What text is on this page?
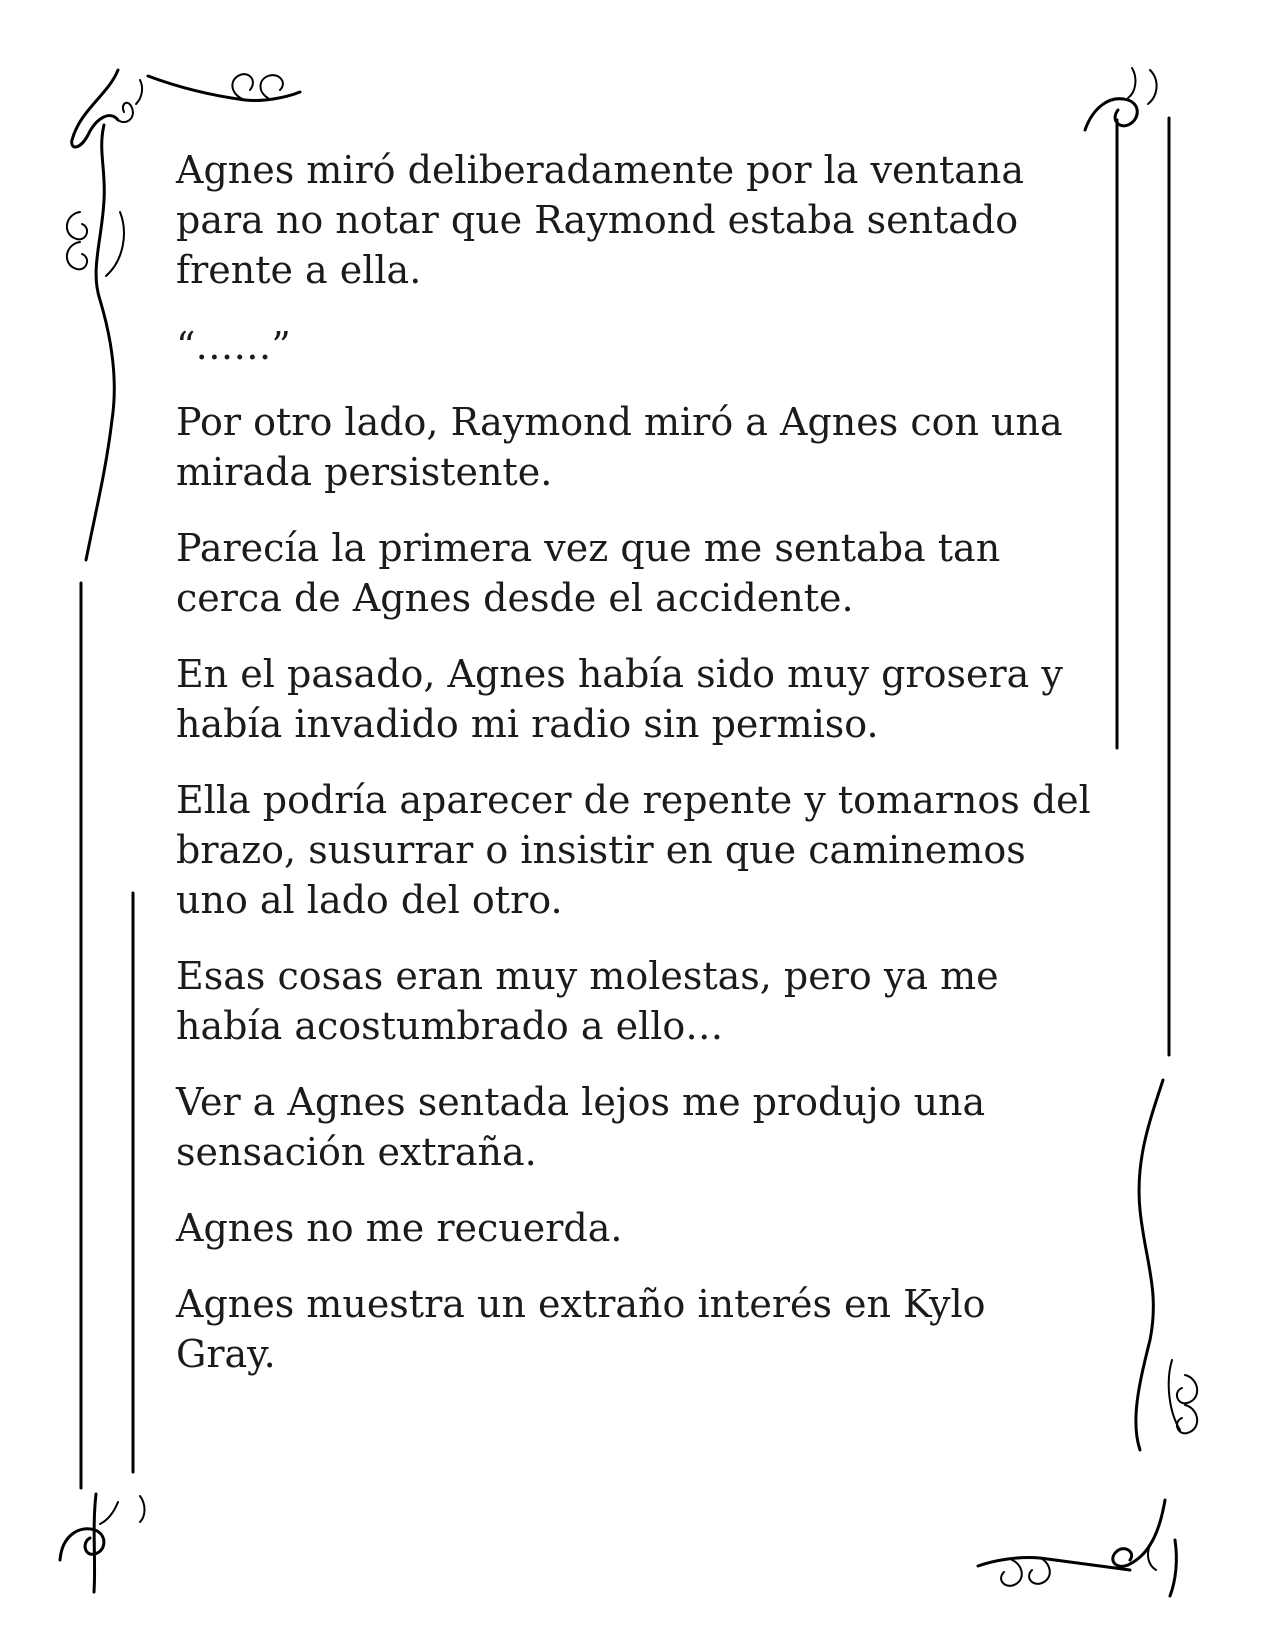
Agnes miró deliberadamente por la ventana para no notar que Raymond estaba sentado frente a ella.

“……”

Por otro lado, Raymond miró a Agnes con una mirada persistente.

Parecía la primera vez que me sentaba tan cerca de Agnes desde el accidente.

En el pasado, Agnes había sido muy grosera y había invadido mi radio sin permiso.

Ella podría aparecer de repente y tomarnos del brazo, susurrar o insistir en que caminemos uno al lado del otro.

Esas cosas eran muy molestas, pero ya me había acostumbrado a ello…

Ver a Agnes sentada lejos me produjo una sensación extraña.

Agnes no me recuerda.

Agnes muestra un extraño interés en Kylo Gray.
